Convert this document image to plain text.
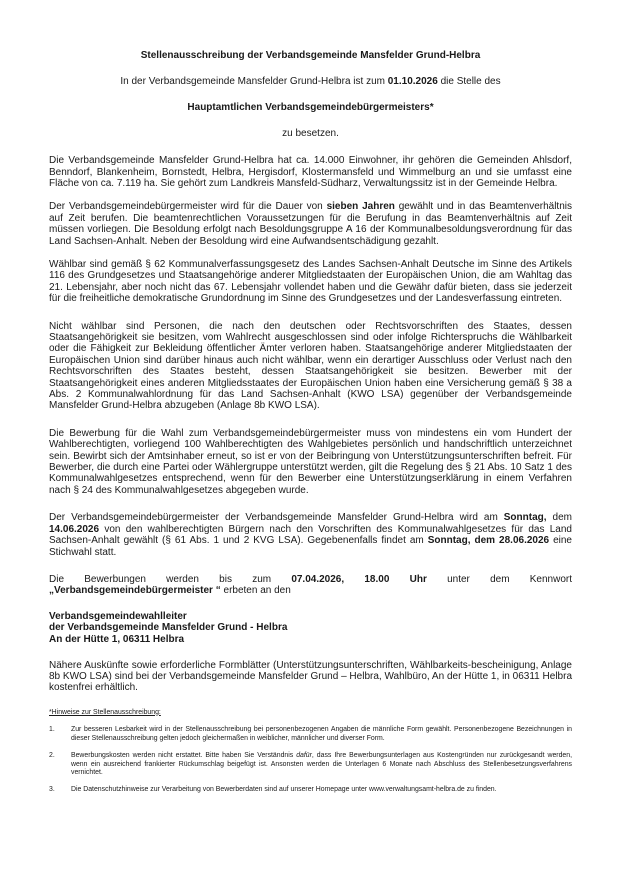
Stellenausschreibung der Verbandsgemeinde Mansfelder Grund-Helbra
In der Verbandsgemeinde Mansfelder Grund-Helbra ist zum 01.10.2026 die Stelle des
Hauptamtlichen Verbandsgemeindebürgermeisters*
zu besetzen.

Die Verbandsgemeinde Mansfelder Grund-Helbra hat ca. 14.000 Einwohner, ihr gehören die Gemeinden Ahlsdorf, Benndorf, Blankenheim, Bornstedt, Helbra, Hergisdorf, Klostermansfeld und Wimmelburg an und sie umfasst eine Fläche von ca. 7.119 ha. Sie gehört zum Landkreis Mansfeld-Südharz, Verwaltungssitz ist in der Gemeinde Helbra.

Der Verbandsgemeindebürgermeister wird für die Dauer von sieben Jahren gewählt und in das Beamtenverhältnis auf Zeit berufen. Die beamtenrechtlichen Voraussetzungen für die Berufung in das Beamtenverhältnis auf Zeit müssen vorliegen. Die Besoldung erfolgt nach Besoldungsgruppe A 16 der Kommunalbesoldungsverordnung für das Land Sachsen-Anhalt. Neben der Besoldung wird eine Aufwandsentschädigung gezahlt.

Wählbar sind gemäß § 62 Kommunalverfassungsgesetz des Landes Sachsen-Anhalt Deutsche im Sinne des Artikels 116 des Grundgesetzes und Staatsangehörige anderer Mitgliedstaaten der Europäischen Union, die am Wahltag das 21. Lebensjahr, aber noch nicht das 67. Lebensjahr vollendet haben und die Gewähr dafür bieten, dass sie jederzeit für die freiheitliche demokratische Grundordnung im Sinne des Grundgesetzes und der Landesverfassung eintreten.

Nicht wählbar sind Personen, die nach den deutschen oder Rechtsvorschriften des Staates, dessen Staatsangehörigkeit sie besitzen, vom Wahlrecht ausgeschlossen sind oder infolge Richterspruchs die Wählbarkeit oder die Fähigkeit zur Bekleidung öffentlicher Ämter verloren haben. Staatsangehörige anderer Mitgliedstaaten der Europäischen Union sind darüber hinaus auch nicht wählbar, wenn ein derartiger Ausschluss oder Verlust nach den Rechtsvorschriften des Staates besteht, dessen Staatsangehörigkeit sie besitzen. Bewerber mit der Staatsangehörigkeit eines anderen Mitgliedsstaates der Europäischen Union haben eine Versicherung gemäß § 38 a Abs. 2 Kommunalwahlordnung für das Land Sachsen-Anhalt (KWO LSA) gegenüber der Verbandsgemeinde Mansfelder Grund-Helbra abzugeben (Anlage 8b KWO LSA).

Die Bewerbung für die Wahl zum Verbandsgemeindebürgermeister muss von mindestens ein vom Hundert der Wahlberechtigten, vorliegend 100 Wahlberechtigten des Wahlgebietes persönlich und handschriftlich unterzeichnet sein. Bewirbt sich der Amtsinhaber erneut, so ist er von der Beibringung von Unterstützungsunterschriften befreit. Für Bewerber, die durch eine Partei oder Wählergruppe unterstützt werden, gilt die Regelung des § 21 Abs. 10 Satz 1 des Kommunalwahlgesetzes entsprechend, wenn für den Bewerber eine Unterstützungserklärung in einem Verfahren nach § 24 des Kommunalwahlgesetzes abgegeben wurde.

Der Verbandsgemeindebürgermeister der Verbandsgemeinde Mansfelder Grund-Helbra wird am Sonntag, dem 14.06.2026 von den wahlberechtigten Bürgern nach den Vorschriften des Kommunalwahlgesetzes für das Land Sachsen-Anhalt gewählt (§ 61 Abs. 1 und 2 KVG LSA). Gegebenenfalls findet am Sonntag, dem 28.06.2026 eine Stichwahl statt.

Die Bewerbungen werden bis zum 07.04.2026, 18.00 Uhr unter dem Kennwort
„Verbandsgemeindebürgermeister “ erbeten an den
Verbandsgemeindewahlleiter
der Verbandsgemeinde Mansfelder Grund - Helbra
An der Hütte 1, 06311 Helbra

Nähere Auskünfte sowie erforderliche Formblätter (Unterstützungsunterschriften, Wählbarkeits-bescheinigung, Anlage 8b KWO LSA) sind bei der Verbandsgemeinde Mansfelder Grund – Helbra, Wahlbüro, An der Hütte 1, in 06311 Helbra kostenfrei erhältlich.

*Hinweise zur Stellenausschreibung:
1.	Zur besseren Lesbarkeit wird in der Stellenausschreibung bei personenbezogenen Angaben die männliche Form gewählt. Personenbezogene Bezeichnungen in dieser Stellenausschreibung gelten jedoch gleichermaßen in weiblicher, männlicher und diverser Form.
2.	Bewerbungskosten werden nicht erstattet. Bitte haben Sie Verständnis dafür, dass Ihre Bewerbungsunterlagen aus Kostengründen nur zurückgesandt werden, wenn ein ausreichend frankierter Rückumschlag beigefügt ist. Ansonsten werden die Unterlagen 6 Monate nach Abschluss des Stellenbesetzungsverfahrens vernichtet.
3.	Die Datenschutzhinweise zur Verarbeitung von Bewerberdaten sind auf unserer Homepage unter www.verwaltungsamt-helbra.de zu finden.
